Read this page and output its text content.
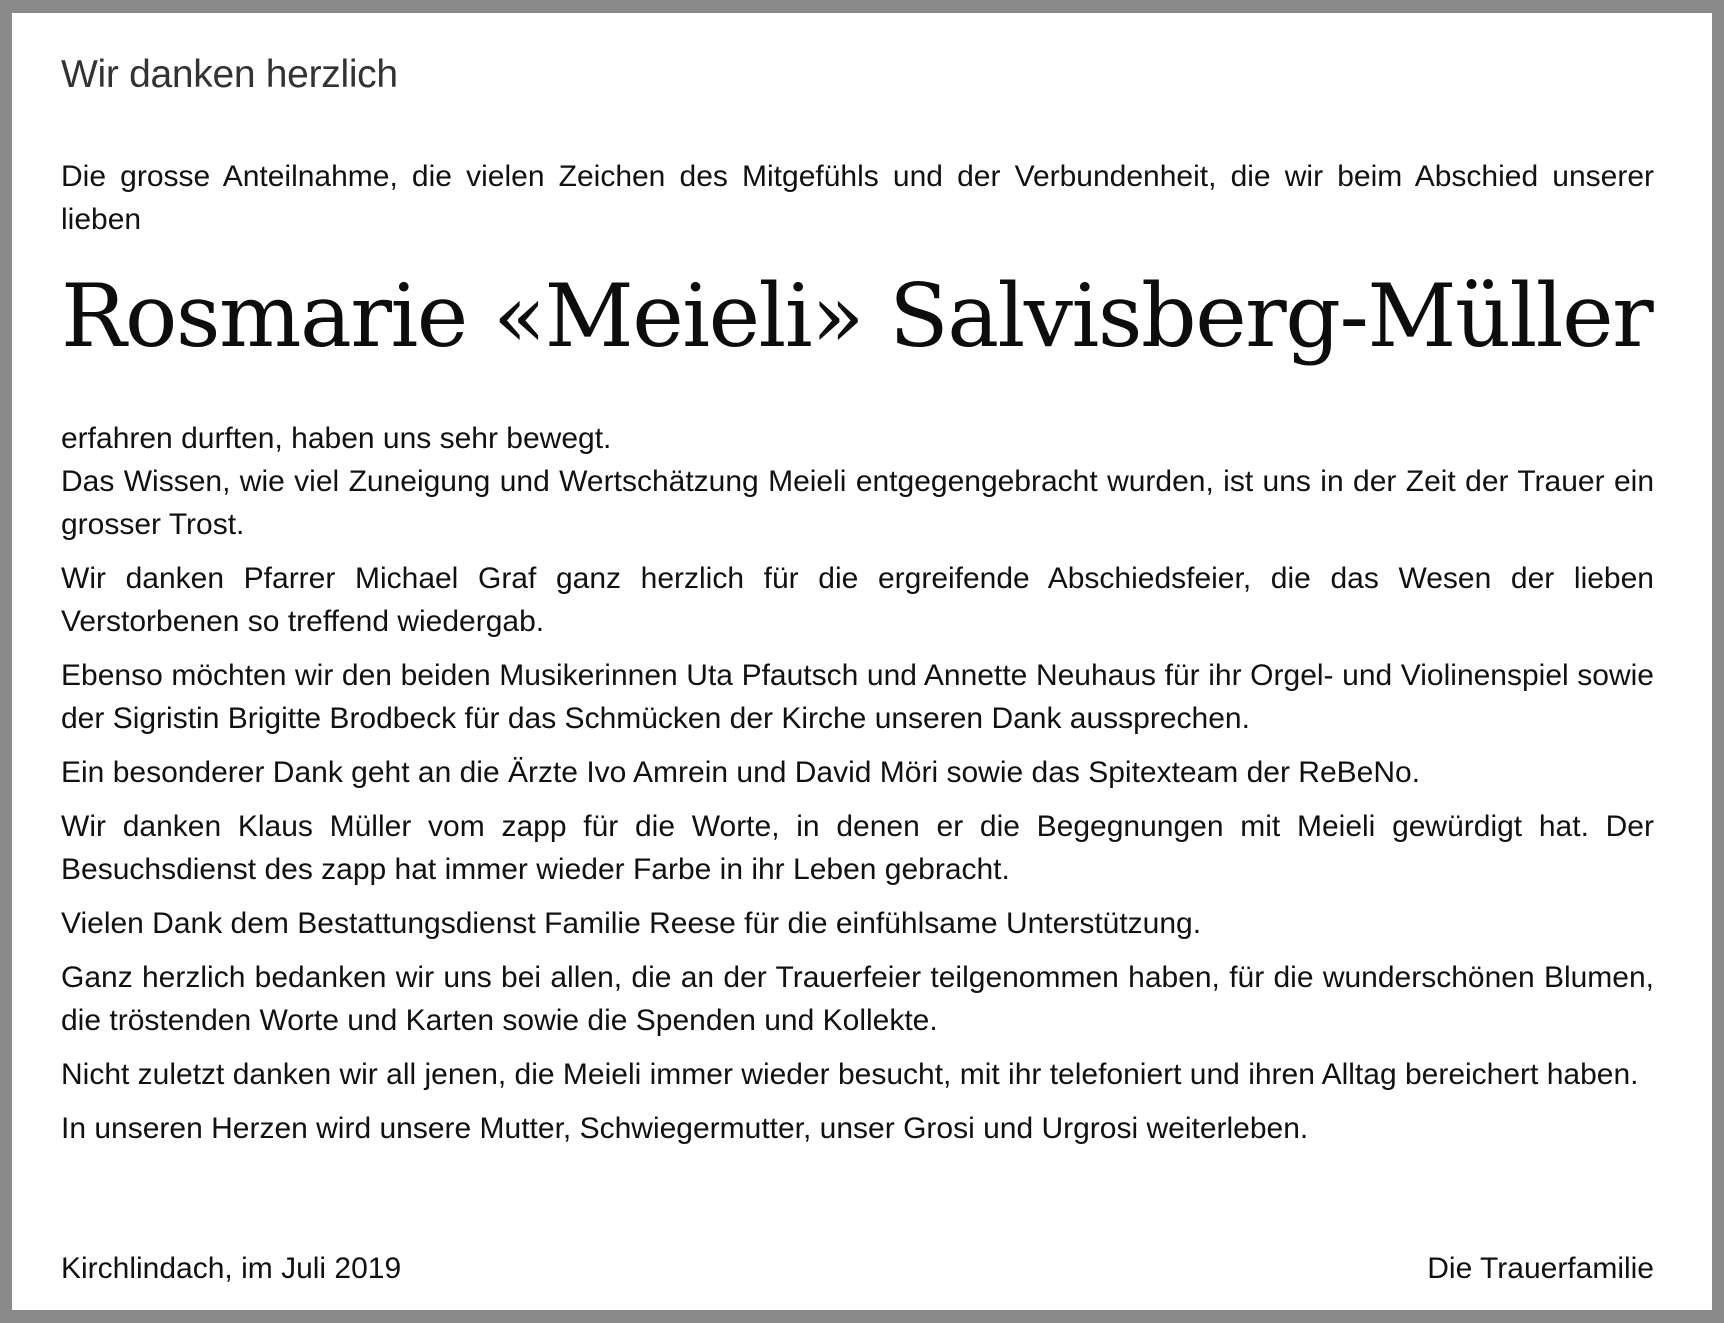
Wir danken herzlich

Die grosse Anteilnahme, die vielen Zeichen des Mitgefühls und der Verbundenheit, die wir beim Abschied unserer lieben

Rosmarie «Meieli» Salvisberg-Müller

erfahren durften, haben uns sehr bewegt.

Das Wissen, wie viel Zuneigung und Wertschätzung Meieli entgegengebracht wurden, ist uns in der Zeit der Trauer ein grosser Trost.

Wir danken Pfarrer Michael Graf ganz herzlich für die ergreifende Abschiedsfeier, die das Wesen der lieben Verstorbenen so treffend wiedergab.

Ebenso möchten wir den beiden Musikerinnen Uta Pfautsch und Annette Neuhaus für ihr Orgel- und Violinenspiel sowie der Sigristin Brigitte Brodbeck für das Schmücken der Kirche unseren Dank aussprechen.

Ein besonderer Dank geht an die Ärzte Ivo Amrein und David Möri sowie das Spitexteam der ReBeNo.

Wir danken Klaus Müller vom zapp für die Worte, in denen er die Begegnungen mit Meieli gewürdigt hat. Der Besuchsdienst des zapp hat immer wieder Farbe in ihr Leben gebracht.

Vielen Dank dem Bestattungsdienst Familie Reese für die einfühlsame Unterstützung.

Ganz herzlich bedanken wir uns bei allen, die an der Trauerfeier teilgenommen haben, für die wunderschönen Blumen, die tröstenden Worte und Karten sowie die Spenden und Kollekte.

Nicht zuletzt danken wir all jenen, die Meieli immer wieder besucht, mit ihr telefoniert und ihren Alltag bereichert haben.

In unseren Herzen wird unsere Mutter, Schwiegermutter, unser Grosi und Urgrosi weiterleben.

Kirchlindach, im Juli 2019	Die Trauerfamilie
